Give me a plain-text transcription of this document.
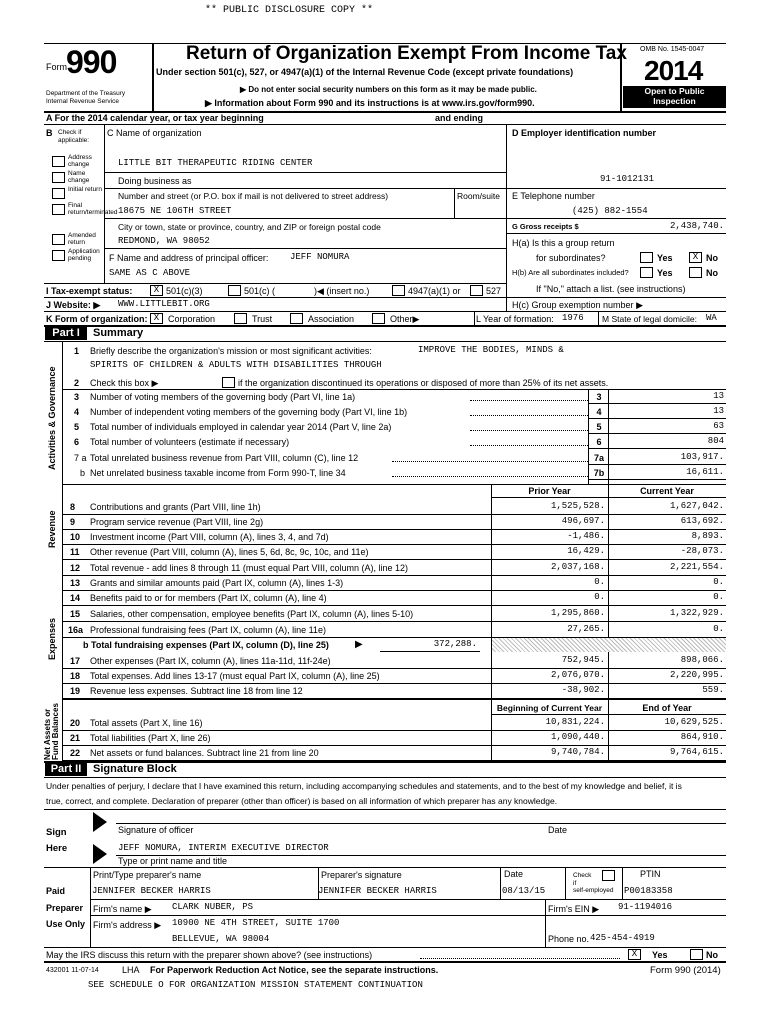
** PUBLIC DISCLOSURE COPY **
Form 990
Department of the Treasury
Internal Revenue Service
Return of Organization Exempt From Income Tax
Under section 501(c), 527, or 4947(a)(1) of the Internal Revenue Code (except private foundations)
▶ Do not enter social security numbers on this form as it may be made public.
▶ Information about Form 990 and its instructions is at www.irs.gov/form990.
OMB No. 1545-0047
2014
Open to Public
Inspection
A For the 2014 calendar year, or tax year beginning	and ending
B Check if applicable:
Address change
Name change
Initial return
Final return/terminated
Amended return
Application pending
C Name of organization
LITTLE BIT THERAPEUTIC RIDING CENTER
Doing business as
Number and street (or P.O. box if mail is not delivered to street address)	Room/suite
18675 NE 106TH STREET
City or town, state or province, country, and ZIP or foreign postal code
REDMOND, WA 98052
F Name and address of principal officer: JEFF NOMURA
SAME AS C ABOVE
D Employer identification number
91-1012131
E Telephone number
(425) 882-1554
G Gross receipts $	2,438,740.
H(a) Is this a group return
for subordinates?	Yes	X No
H(b) Are all subordinates included?	Yes	No
If "No," attach a list. (see instructions)
I Tax-exempt status:	X 501(c)(3)	501(c) (	)◀ (insert no.)	4947(a)(1) or	527
J Website: ▶ WWW.LITTLEBIT.ORG	H(c) Group exemption number ▶
K Form of organization: X Corporation	Trust	Association	Other▶	L Year of formation: 1976 M State of legal domicile: WA
Part I	Summary
Activities & Governance
Revenue
Expenses
Net Assets or Fund Balances
1 Briefly describe the organization's mission or most significant activities:	IMPROVE THE BODIES, MINDS &
SPIRITS OF CHILDREN & ADULTS WITH DISABILITIES THROUGH
2 Check this box ▶	if the organization discontinued its operations or disposed of more than 25% of its net assets.
Prior Year	Current Year
b Total fundraising expenses (Part IX, column (D), line 25)	▶	372,288.
Beginning of Current Year	End of Year
Part II	Signature Block
Under penalties of perjury, I declare that I have examined this return, including accompanying schedules and statements, and to the best of my knowledge and belief, it is
true, correct, and complete. Declaration of preparer (other than officer) is based on all information of which preparer has any knowledge.
Sign
Here
Signature of officer	Date
JEFF NOMURA, INTERIM EXECUTIVE DIRECTOR
Type or print name and title
Paid
Preparer
Use Only
Print/Type preparer's name
JENNIFER BECKER HARRIS
Preparer's signature
JENNIFER BECKER HARRIS
Date
08/13/15
Check
if
self-employed
PTIN
P00183358
Firm's name ▶ CLARK NUBER, PS	Firm's EIN ▶ 91-1194016
Firm's address ▶ 10900 NE 4TH STREET, SUITE 1700
BELLEVUE, WA 98004	Phone no. 425-454-4919
May the IRS discuss this return with the preparer shown above? (see instructions)	X	Yes	No
432001 11-07-14	LHA For Paperwork Reduction Act Notice, see the separate instructions.	Form 990 (2014)
SEE SCHEDULE O FOR ORGANIZATION MISSION STATEMENT CONTINUATION
3 Number of voting members of the governing body (Part VI, line 1a)	3	13
4 Number of independent voting members of the governing body (Part VI, line 1b)	4	13
5 Total number of individuals employed in calendar year 2014 (Part V, line 2a)	5	63
6 Total number of volunteers (estimate if necessary)	6	804
7 a Total unrelated business revenue from Part VIII, column (C), line 12	7a	103,917.
b Net unrelated business taxable income from Form 990-T, line 34	7b	16,611.
8 Contributions and grants (Part VIII, line 1h)	1,525,528.	1,627,042.
9 Program service revenue (Part VIII, line 2g)	496,697.	613,692.
10 Investment income (Part VIII, column (A), lines 3, 4, and 7d)	-1,486.	8,893.
11 Other revenue (Part VIII, column (A), lines 5, 6d, 8c, 9c, 10c, and 11e)	16,429.	-28,073.
12 Total revenue - add lines 8 through 11 (must equal Part VIII, column (A), line 12)	2,037,168.	2,221,554.
13 Grants and similar amounts paid (Part IX, column (A), lines 1-3)	0.	0.
14 Benefits paid to or for members (Part IX, column (A), line 4)	0.	0.
15 Salaries, other compensation, employee benefits (Part IX, column (A), lines 5-10)	1,295,860.	1,322,929.
16a Professional fundraising fees (Part IX, column (A), line 11e)	27,265.	0.
17 Other expenses (Part IX, column (A), lines 11a-11d, 11f-24e)	752,945.	898,066.
18 Total expenses. Add lines 13-17 (must equal Part IX, column (A), line 25)	2,076,070.	2,220,995.
19 Revenue less expenses. Subtract line 18 from line 12	-38,902.	559.
20 Total assets (Part X, line 16)	10,831,224.	10,629,525.
21 Total liabilities (Part X, line 26)	1,090,440.	864,910.
22 Net assets or fund balances. Subtract line 21 from line 20	9,740,784.	9,764,615.
